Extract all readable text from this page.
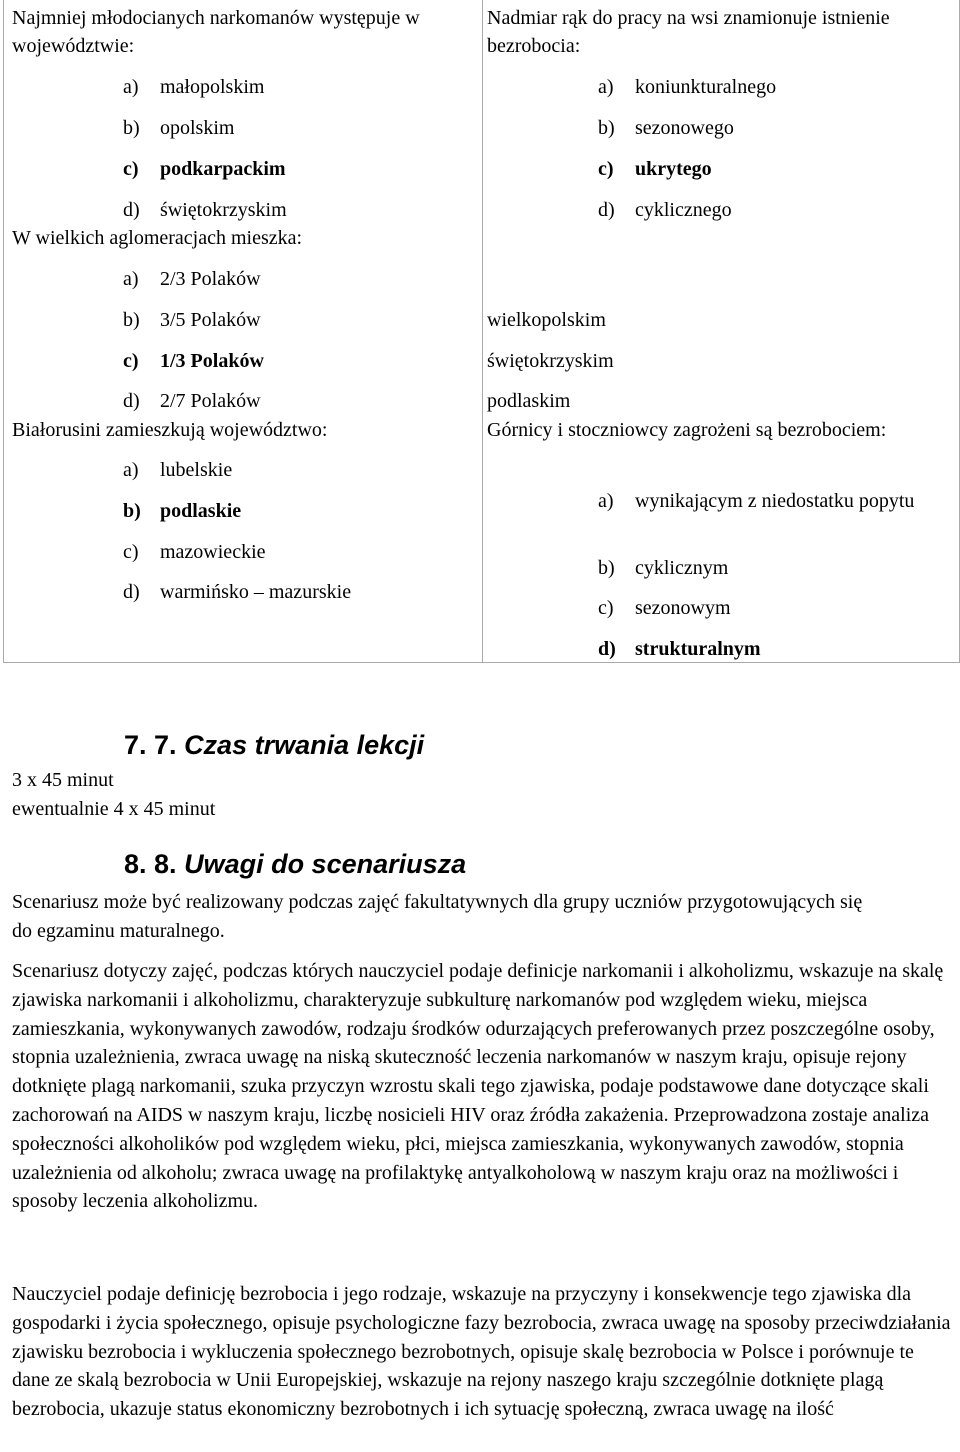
Najmniej młodocianych narkomanów występuje w województwie:
a) małopolskim
b) opolskim
c) podkarpackim
d) świętokrzyskim
W wielkich aglomeracjach mieszka:
a) 2/3 Polaków
b) 3/5 Polaków
c) 1/3 Polaków
d) 2/7 Polaków
Białorusini zamieszkują województwo:
a) lubelskie
b) podlaskie
c) mazowieckie
d) warmińsko – mazurskie
Nadmiar rąk do pracy na wsi znamionuje istnienie bezrobocia:
a) koniunkturalnego
b) sezonowego
c) ukrytego
d) cyklicznego
wielkopolskim
świętokrzyskim
podlaskim
Górnicy i stoczniowcy zagrożeni są bezrobociem:
a)	wynikającym z niedostatku popytu
b) cyklicznym
c) sezonowym
d) strukturalnym
7. 7. Czas trwania lekcji
3 x 45 minut
ewentualnie 4 x 45 minut
8. 8. Uwagi do scenariusza
Scenariusz może być realizowany podczas zajęć fakultatywnych dla grupy uczniów przygotowujących się do egzaminu maturalnego.
Scenariusz dotyczy zajęć, podczas których nauczyciel podaje definicje narkomanii i alkoholizmu, wskazuje na skalę zjawiska narkomanii i alkoholizmu, charakteryzuje subkulturę narkomanów pod względem wieku, miejsca zamieszkania, wykonywanych zawodów, rodzaju środków odurzających preferowanych przez poszczególne osoby, stopnia uzależnienia, zwraca uwagę na niską skuteczność leczenia narkomanów w naszym kraju, opisuje rejony dotknięte plagą narkomanii, szuka przyczyn wzrostu skali tego zjawiska, podaje podstawowe dane dotyczące skali zachorowań na AIDS w naszym kraju, liczbę nosicieli HIV oraz źródła zakażenia. Przeprowadzona zostaje analiza społeczności alkoholików pod względem wieku, płci, miejsca zamieszkania, wykonywanych zawodów, stopnia uzależnienia od alkoholu; zwraca uwagę na profilaktykę antyalkoholową w naszym kraju oraz na możliwości i sposoby leczenia alkoholizmu.
Nauczyciel podaje definicję bezrobocia i jego rodzaje, wskazuje na przyczyny i konsekwencje tego zjawiska dla gospodarki i życia społecznego, opisuje psychologiczne fazy bezrobocia, zwraca uwagę na sposoby przeciwdziałania zjawisku bezrobocia i wykluczenia społecznego bezrobotnych, opisuje skalę bezrobocia w Polsce i porównuje te dane ze skalą bezrobocia w Unii Europejskiej, wskazuje na rejony naszego kraju szczególnie dotknięte plagą bezrobocia, ukazuje status ekonomiczny bezrobotnych i ich sytuację społeczną, zwraca uwagę na ilość
